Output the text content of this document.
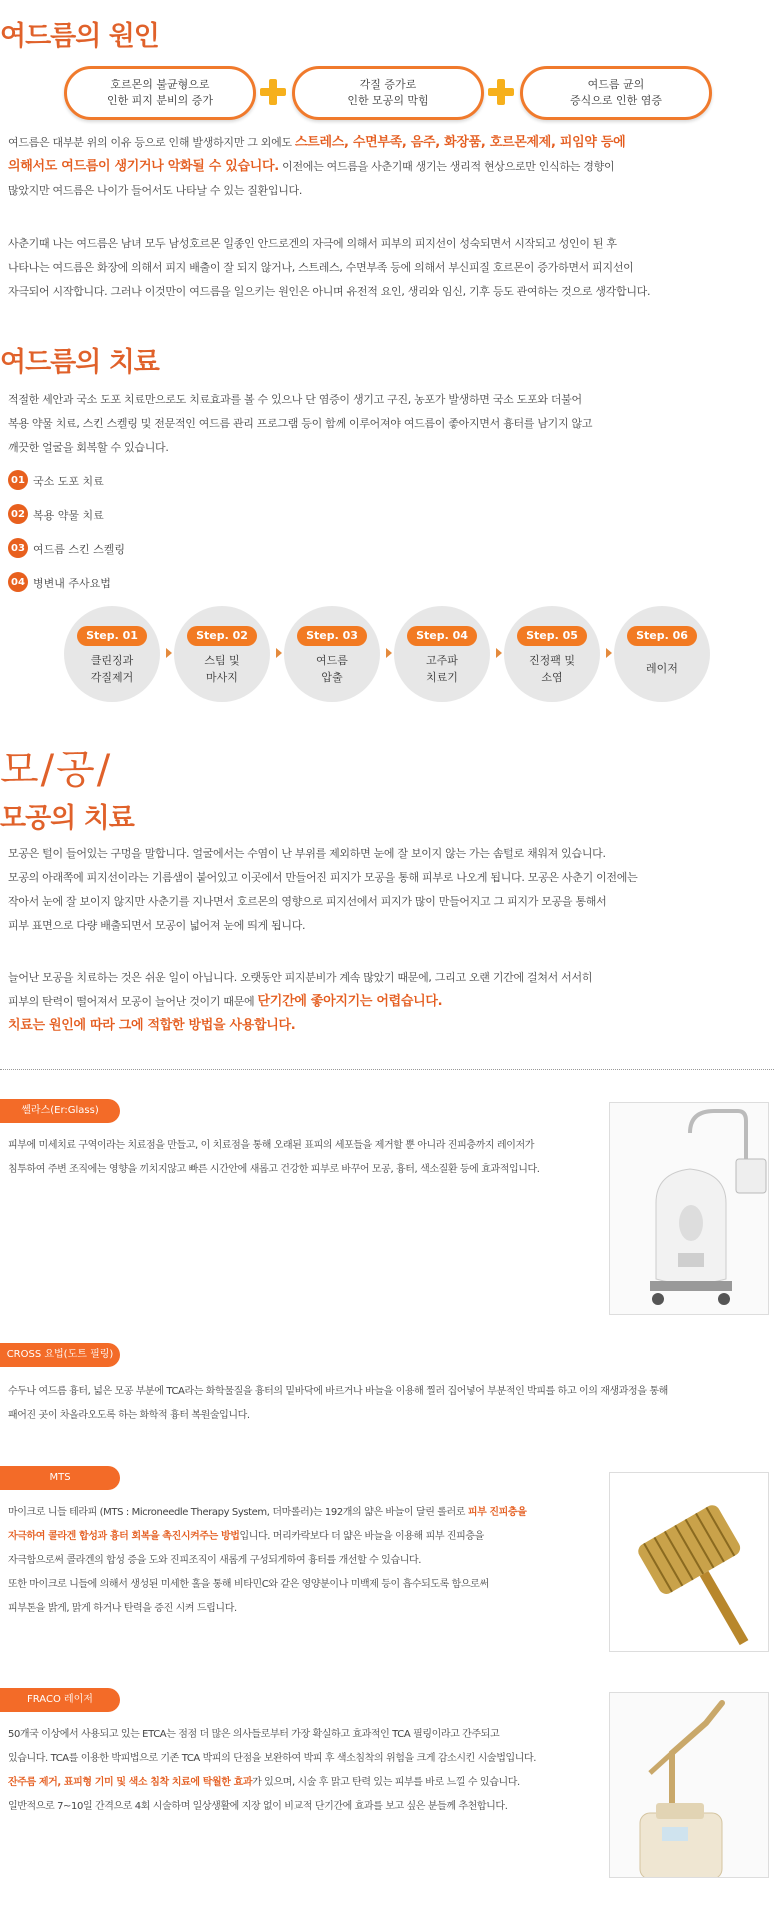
여드름의 원인
호르몬의 불균형으로
인한 피지 분비의 증가
각질 증가로
인한 모공의 막힘
여드름 균의
증식으로 인한 염증
여드름은 대부분 위의 이유 등으로 인해 발생하지만 그 외에도 스트레스, 수면부족, 음주, 화장품, 호르몬제제, 피임약 등에
의해서도 여드름이 생기거나 악화될 수 있습니다. 이전에는 여드름을 사춘기때 생기는 생리적 현상으로만 인식하는 경향이
많았지만 여드름은 나이가 들어서도 나타날 수 있는 질환입니다.
사춘기때 나는 여드름은 남녀 모두 남성호르몬 일종인 안드로겐의 자극에 의해서 피부의 피지선이 성숙되면서 시작되고 성인이 된 후
나타나는 여드름은 화장에 의해서 피지 배출이 잘 되지 않거나, 스트레스, 수면부족 등에 의해서 부신피질 호르몬이 증가하면서 피지선이
자극되어 시작합니다. 그러나 이것만이 여드름을 일으키는 원인은 아니며 유전적 요인, 생리와 임신, 기후 등도 관여하는 것으로 생각합니다.
여드름의 치료
적절한 세안과 국소 도포 치료만으로도 치료효과를 볼 수 있으나 단 염증이 생기고 구진, 농포가 발생하면 국소 도포와 더불어
복용 약물 치료, 스킨 스켈링 및 전문적인 여드름 관리 프로그램 등이 함께 이루어져야 여드름이 좋아지면서 흉터를 남기지 않고
깨끗한 얼굴을 회복할 수 있습니다.
01 국소 도포 치료
02 복용 약물 치료
03 여드름 스킨 스켈링
04 병변내 주사요법
Step. 01
클린징과
각질제거
Step. 02
스팀 및
마사지
Step. 03
여드름
압출
Step. 04
고주파
치료기
Step. 05
진정팩 및
소염
Step. 06
레이저
모/공/
모공의 치료
모공은 털이 들어있는 구멍을 말합니다. 얼굴에서는 수염이 난 부위를 제외하면 눈에 잘 보이지 않는 가는 솜털로 채워져 있습니다.
모공의 아래쪽에 피지선이라는 기름샘이 붙어있고 이곳에서 만들어진 피지가 모공을 통해 피부로 나오게 됩니다. 모공은 사춘기 이전에는
작아서 눈에 잘 보이지 않지만 사춘기를 지나면서 호르몬의 영향으로 피지선에서 피지가 많이 만들어지고 그 피지가 모공을 통해서
피부 표면으로 다량 배출되면서 모공이 넓어져 눈에 띄게 됩니다.
늘어난 모공을 치료하는 것은 쉬운 일이 아닙니다. 오랫동안 피지분비가 계속 많았기 때문에, 그리고 오랜 기간에 걸쳐서 서서히
피부의 탄력이 떨어져서 모공이 늘어난 것이기 때문에 단기간에 좋아지기는 어렵습니다.
치료는 원인에 따라 그에 적합한 방법을 사용합니다.
쎌라스(Er:Glass)
피부에 미세치료 구역이라는 치료점을 만들고, 이 치료점을 통해 오래된 표피의 세포들을 제거할 뿐 아니라 진피층까지 레이저가
침투하여 주변 조직에는 영향을 끼치지않고 빠른 시간안에 새롭고 건강한 피부로 바꾸어 모공, 흉터, 색소질환 등에 효과적입니다.
CROSS 요법(도트 필링)
수두나 여드름 흉터, 넓은 모공 부분에 TCA라는 화학물질을 흉터의 밑바닥에 바르거나 바늘을 이용해 찔러 집어넣어 부분적인 박피를 하고 이의 재생과정을 통해
패어진 곳이 차올라오도록 하는 화학적 흉터 복원술입니다.
MTS
마이크로 니들 테라피 (MTS : Microneedle Therapy System, 더마롤러)는 192개의 얇은 바늘이 달린 롤러로 피부 진피층을
자극하여 콜라겐 합성과 흉터 회복을 촉진시켜주는 방법입니다. 머리카락보다 더 얇은 바늘을 이용해 피부 진피층을
자극함으로써 콜라겐의 합성 증을 도와 진피조직이 새롭게 구성되게하여 흉터를 개선할 수 있습니다.
또한 마이크로 니들에 의해서 생성된 미세한 홀을 통해 비타민C와 같은 영양분이나 미백제 등이 흡수되도록 함으로써
피부톤을 밝게, 맑게 하거나 탄력을 증진 시켜 드립니다.
FRACO 레이저
50개국 이상에서 사용되고 있는 ETCA는 점점 더 많은 의사들로부터 가장 확실하고 효과적인 TCA 필링이라고 간주되고
있습니다. TCA를 이용한 박피법으로 기존 TCA 박피의 단점을 보완하여 박피 후 색소침착의 위험을 크게 감소시킨 시술법입니다.
잔주름 제거, 표피형 기미 및 색소 침착 치료에 탁월한 효과가 있으며, 시술 후 맑고 탄력 있는 피부를 바로 느낄 수 있습니다.
일반적으로 7~10일 간격으로 4회 시술하며 일상생활에 지장 없이 비교적 단기간에 효과를 보고 싶은 분들께 추천합니다.
